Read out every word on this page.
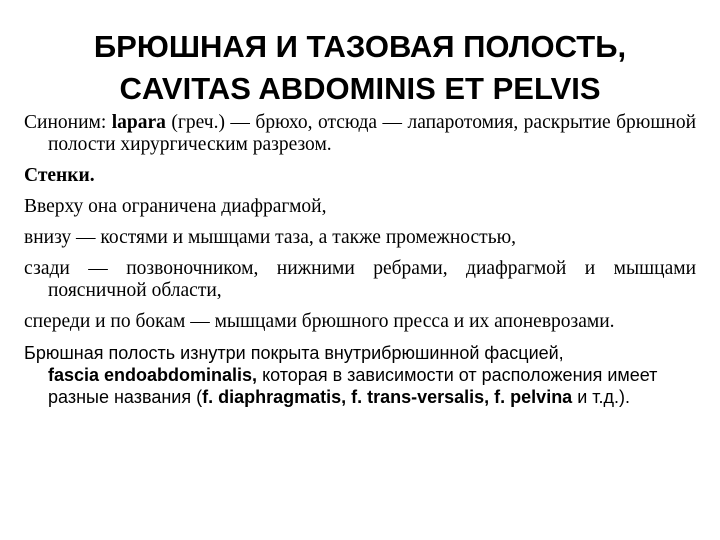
БРЮШНАЯ И ТАЗОВАЯ ПОЛОСТЬ,
CAVITAS ABDOMINIS ET PELVIS

Синоним: lapara (греч.) — брюхо, отсюда — лапаротомия, раскрытие брюшной полости хирургическим разрезом.

Стенки.

Вверху она ограничена диафрагмой,

внизу — костями и мышцами таза, а также промежностью,

сзади — позвоночником, нижними ребрами, диафрагмой и мышцами поясничной области,

спереди и по бокам — мышцами брюшного пресса и их апоневрозами.

Брюшная полость изнутри покрыта внутрибрюшинной фасцией,
fascia endoabdominalis, которая в зависимости от расположения имеет разные названия (f. diaphragmatis, f. trans-versalis, f. pelvina и т.д.).
